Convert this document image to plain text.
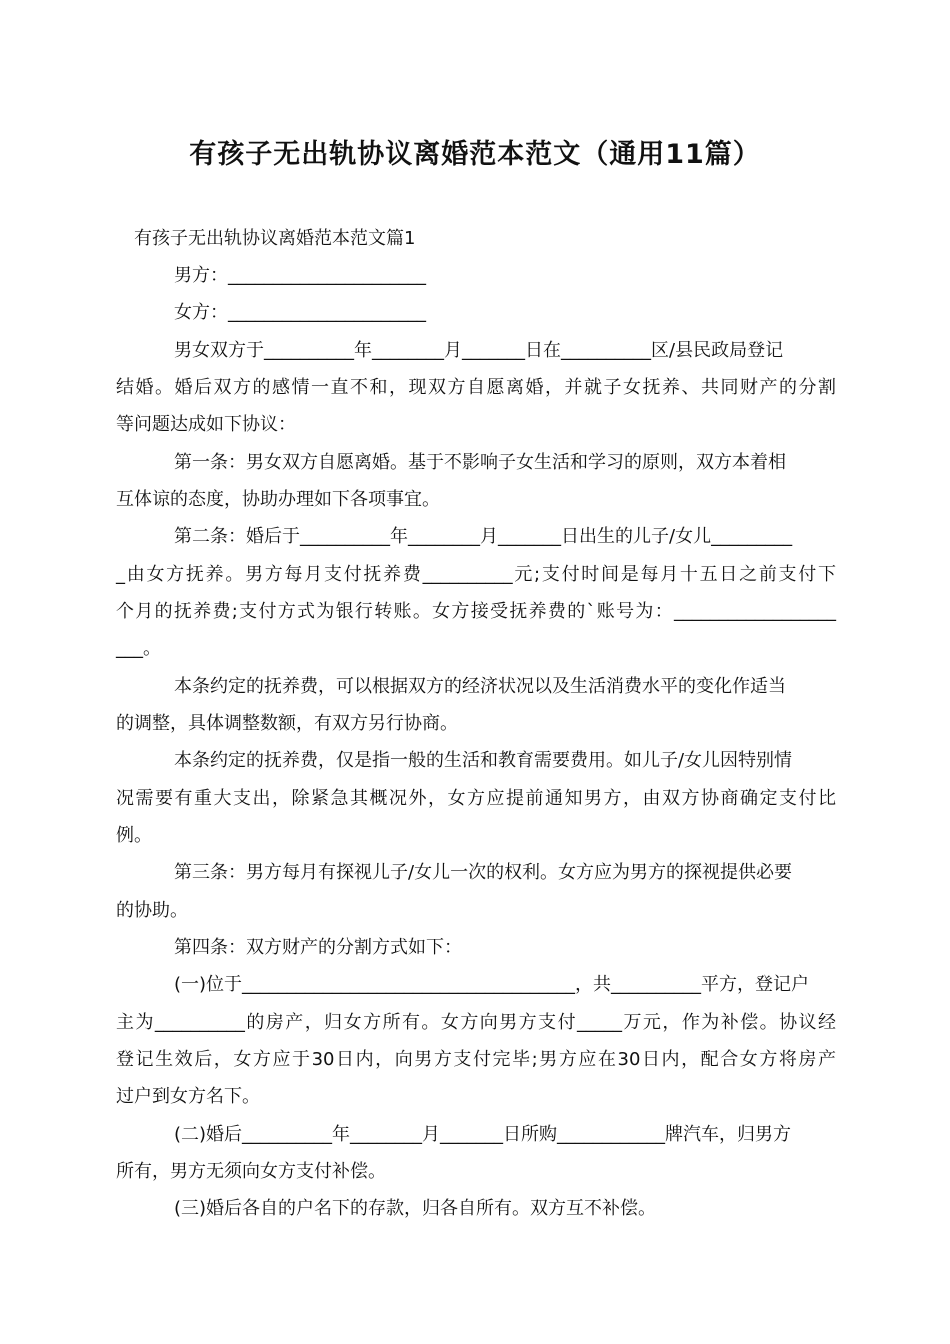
有孩子无出轨协议离婚范本范文（通用11篇）
有孩子无出轨协议离婚范本范文篇1
男方：______________________
女方：______________________
男女双方于__________年________月_______日在__________区/县民政局登记
结婚。婚后双方的感情一直不和，现双方自愿离婚，并就子女抚养、共同财产的分割
等问题达成如下协议：
第一条：男女双方自愿离婚。基于不影响子女生活和学习的原则，双方本着相
互体谅的态度，协助办理如下各项事宜。
第二条：婚后于__________年________月_______日出生的儿子/女儿_________
_由女方抚养。男方每月支付抚养费__________元;支付时间是每月十五日之前支付下
个月的抚养费;支付方式为银行转账。女方接受抚养费的`账号为：__________________
___。
本条约定的抚养费，可以根据双方的经济状况以及生活消费水平的变化作适当
的调整，具体调整数额，有双方另行协商。
本条约定的抚养费，仅是指一般的生活和教育需要费用。如儿子/女儿因特别情
况需要有重大支出，除紧急其概况外，女方应提前通知男方，由双方协商确定支付比
例。
第三条：男方每月有探视儿子/女儿一次的权利。女方应为男方的探视提供必要
的协助。
第四条：双方财产的分割方式如下：
(一)位于_____________________________________，共__________平方，登记户
主为__________的房产，归女方所有。女方向男方支付_____万元，作为补偿。协议经
登记生效后，女方应于30日内，向男方支付完毕;男方应在30日内，配合女方将房产
过户到女方名下。
(二)婚后__________年________月_______日所购____________牌汽车，归男方
所有，男方无须向女方支付补偿。
(三)婚后各自的户名下的存款，归各自所有。双方互不补偿。
